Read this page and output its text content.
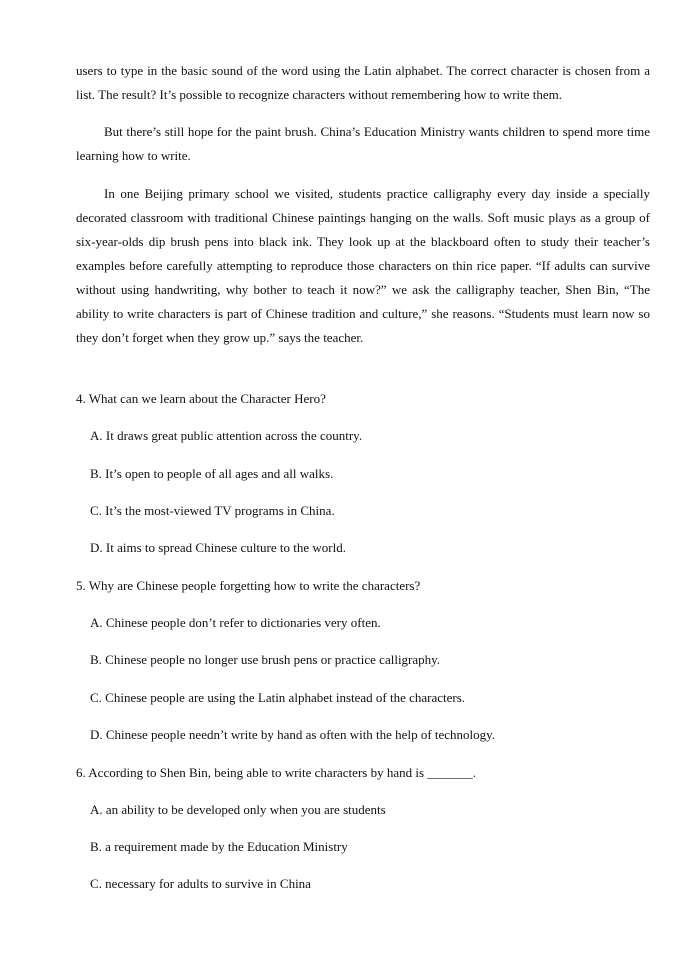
users to type in the basic sound of the word using the Latin alphabet. The correct character is chosen from a list. The result? It’s possible to recognize characters without remembering how to write them.

But there’s still hope for the paint brush. China’s Education Ministry wants children to spend more time learning how to write.

In one Beijing primary school we visited, students practice calligraphy every day inside a specially decorated classroom with traditional Chinese paintings hanging on the walls. Soft music plays as a group of six-year-olds dip brush pens into black ink. They look up at the blackboard often to study their teacher’s examples before carefully attempting to reproduce those characters on thin rice paper. “If adults can survive without using handwriting, why bother to teach it now?” we ask the calligraphy teacher, Shen Bin, “The ability to write characters is part of Chinese tradition and culture,” she reasons. “Students must learn now so they don’t forget when they grow up.” says the teacher.

4. What can we learn about the Character Hero?
A. It draws great public attention across the country.
B. It’s open to people of all ages and all walks.
C. It’s the most-viewed TV programs in China.
D. It aims to spread Chinese culture to the world.
5. Why are Chinese people forgetting how to write the characters?
A. Chinese people don’t refer to dictionaries very often.
B. Chinese people no longer use brush pens or practice calligraphy.
C. Chinese people are using the Latin alphabet instead of the characters.
D. Chinese people needn’t write by hand as often with the help of technology.
6. According to Shen Bin, being able to write characters by hand is _______.
A. an ability to be developed only when you are students
B. a requirement made by the Education Ministry
C. necessary for adults to survive in China
